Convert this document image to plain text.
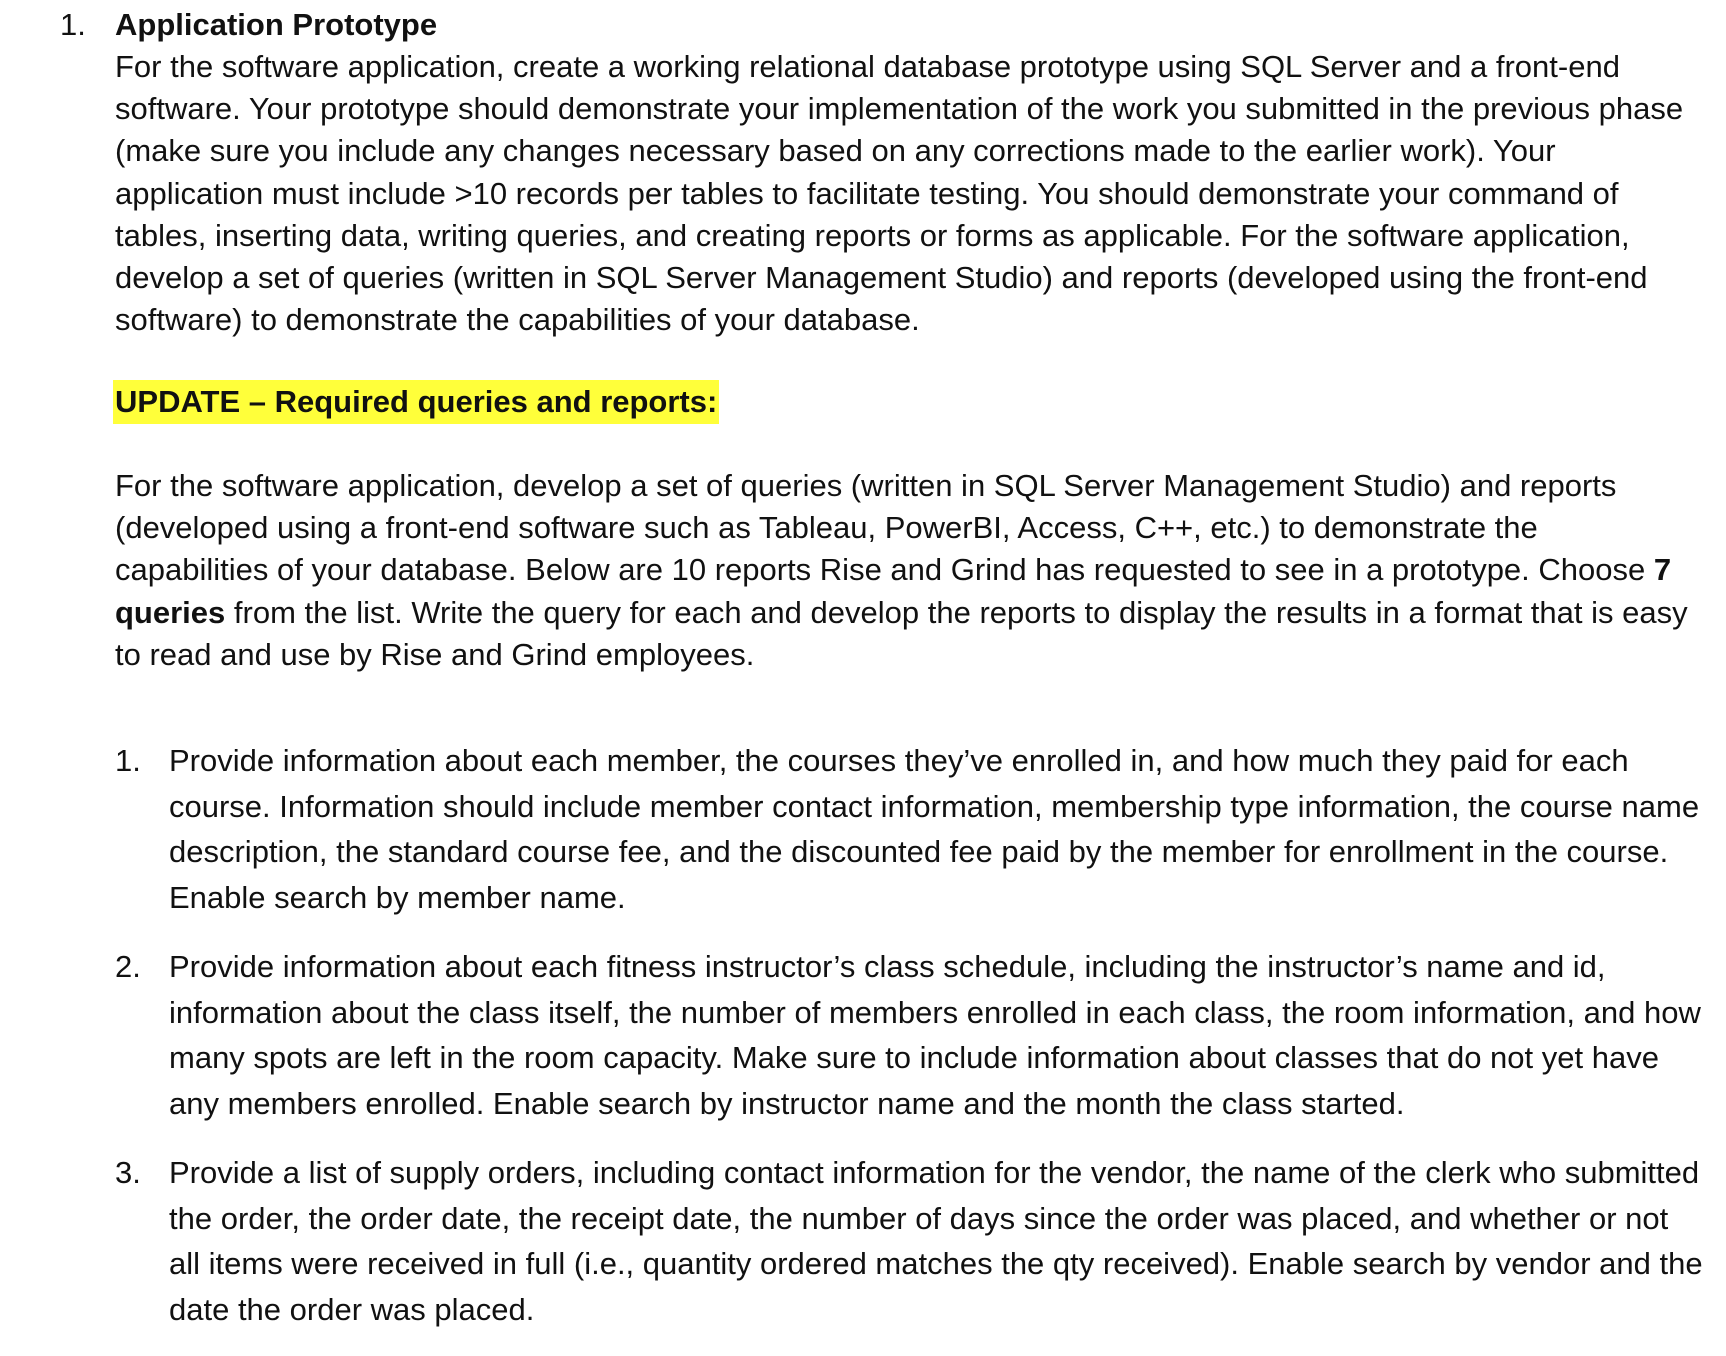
1. Application Prototype

For the software application, create a working relational database prototype using SQL Server and a front-end software. Your prototype should demonstrate your implementation of the work you submitted in the previous phase (make sure you include any changes necessary based on any corrections made to the earlier work). Your application must include >10 records per tables to facilitate testing. You should demonstrate your command of tables, inserting data, writing queries, and creating reports or forms as applicable. For the software application, develop a set of queries (written in SQL Server Management Studio) and reports (developed using the front-end software) to demonstrate the capabilities of your database.

UPDATE – Required queries and reports:

For the software application, develop a set of queries (written in SQL Server Management Studio) and reports (developed using a front-end software such as Tableau, PowerBI, Access, C++, etc.) to demonstrate the capabilities of your database. Below are 10 reports Rise and Grind has requested to see in a prototype. Choose 7 queries from the list. Write the query for each and develop the reports to display the results in a format that is easy to read and use by Rise and Grind employees.

1. Provide information about each member, the courses they’ve enrolled in, and how much they paid for each course. Information should include member contact information, membership type information, the course name description, the standard course fee, and the discounted fee paid by the member for enrollment in the course. Enable search by member name.
2. Provide information about each fitness instructor’s class schedule, including the instructor’s name and id, information about the class itself, the number of members enrolled in each class, the room information, and how many spots are left in the room capacity. Make sure to include information about classes that do not yet have any members enrolled. Enable search by instructor name and the month the class started.
3. Provide a list of supply orders, including contact information for the vendor, the name of the clerk who submitted the order, the order date, the receipt date, the number of days since the order was placed, and whether or not all items were received in full (i.e., quantity ordered matches the qty received). Enable search by vendor and the date the order was placed.
